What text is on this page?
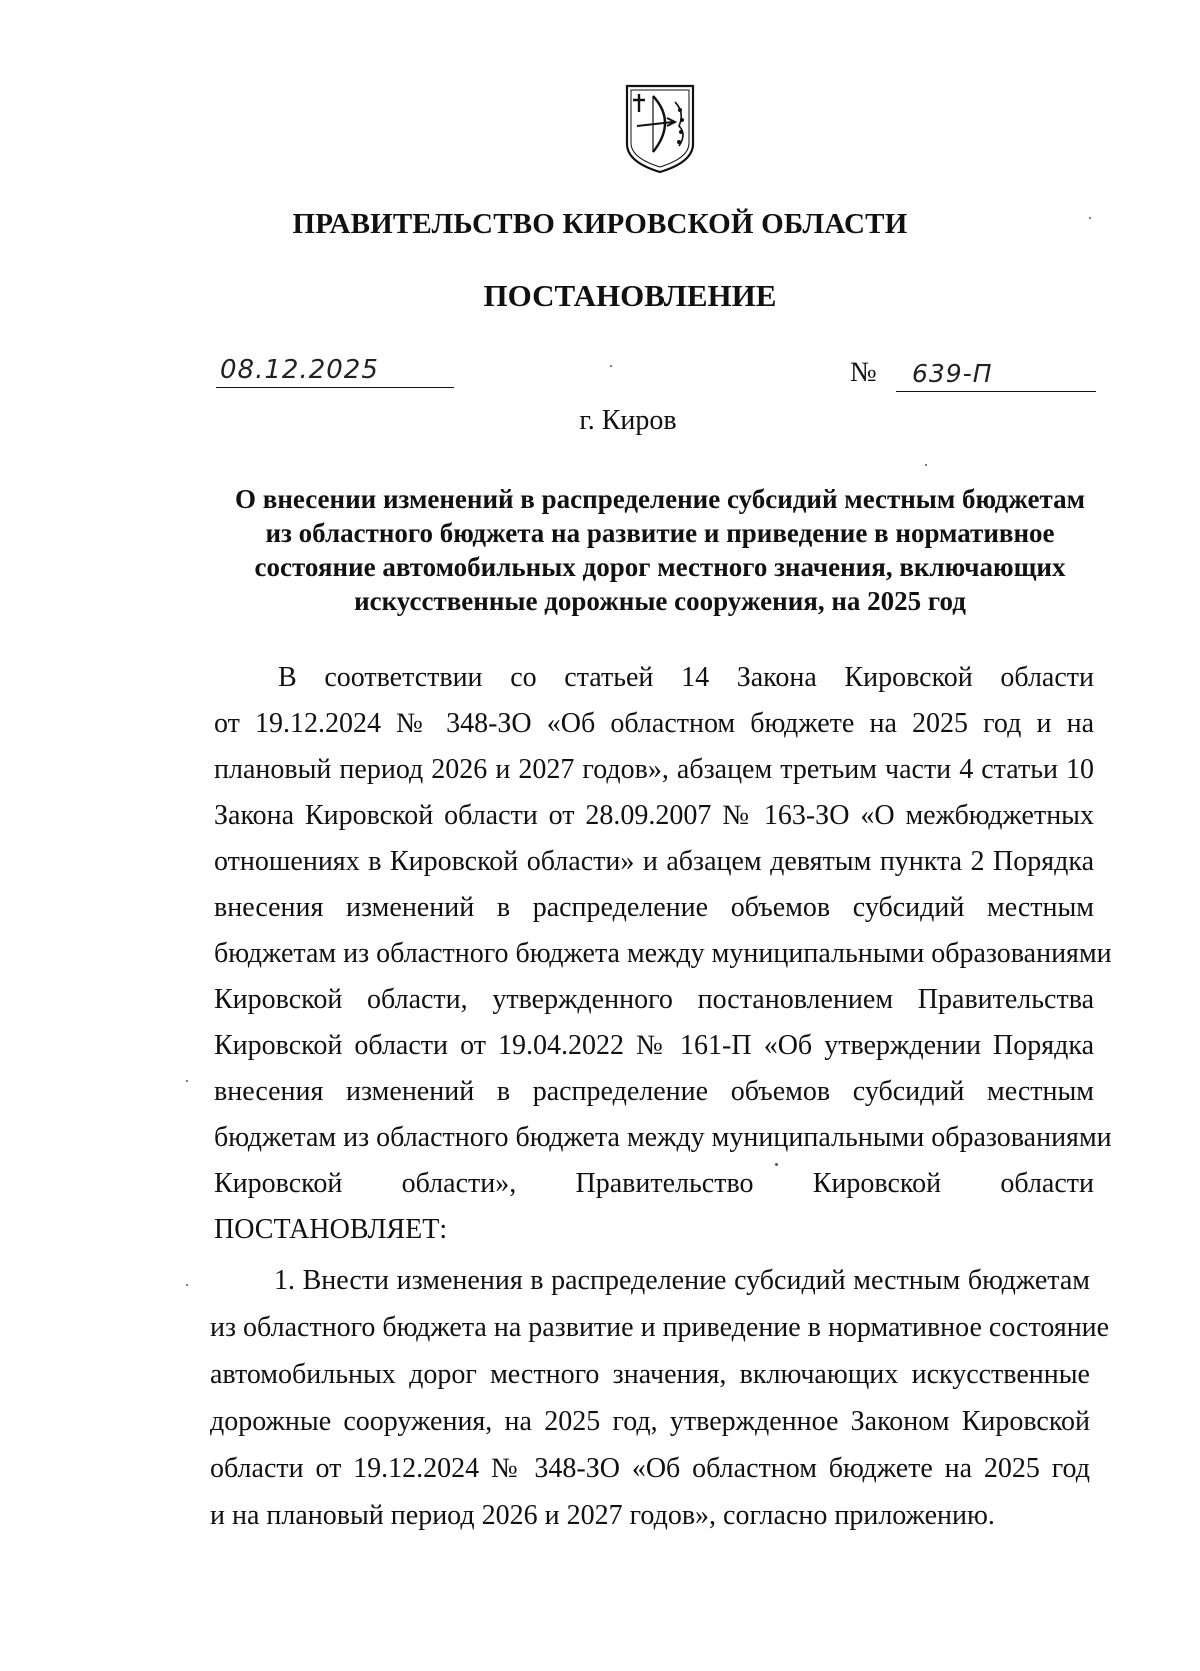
ПРАВИТЕЛЬСТВО КИРОВСКОЙ ОБЛАСТИ
ПОСТАНОВЛЕНИЕ
08.12.2025	№ 639-П
г. Киров
О внесении изменений в распределение субсидий местным бюджетам
из областного бюджета на развитие и приведение в нормативное
состояние автомобильных дорог местного значения, включающих
искусственные дорожные сооружения, на 2025 год
В соответствии со статьей 14 Закона Кировской области
от 19.12.2024 № 348-ЗО «Об областном бюджете на 2025 год и на
плановый период 2026 и 2027 годов», абзацем третьим части 4 статьи 10
Закона Кировской области от 28.09.2007 № 163-ЗО «О межбюджетных
отношениях в Кировской области» и абзацем девятым пункта 2 Порядка
внесения изменений в распределение объемов субсидий местным
бюджетам из областного бюджета между муниципальными образованиями
Кировской области, утвержденного постановлением Правительства
Кировской области от 19.04.2022 № 161-П «Об утверждении Порядка
внесения изменений в распределение объемов субсидий местным
бюджетам из областного бюджета между муниципальными образованиями
Кировской области», Правительство Кировской области
ПОСТАНОВЛЯЕТ:
1. Внести изменения в распределение субсидий местным бюджетам
из областного бюджета на развитие и приведение в нормативное состояние
автомобильных дорог местного значения, включающих искусственные
дорожные сооружения, на 2025 год, утвержденное Законом Кировской
области от 19.12.2024 № 348-ЗО «Об областном бюджете на 2025 год
и на плановый период 2026 и 2027 годов», согласно приложению.
